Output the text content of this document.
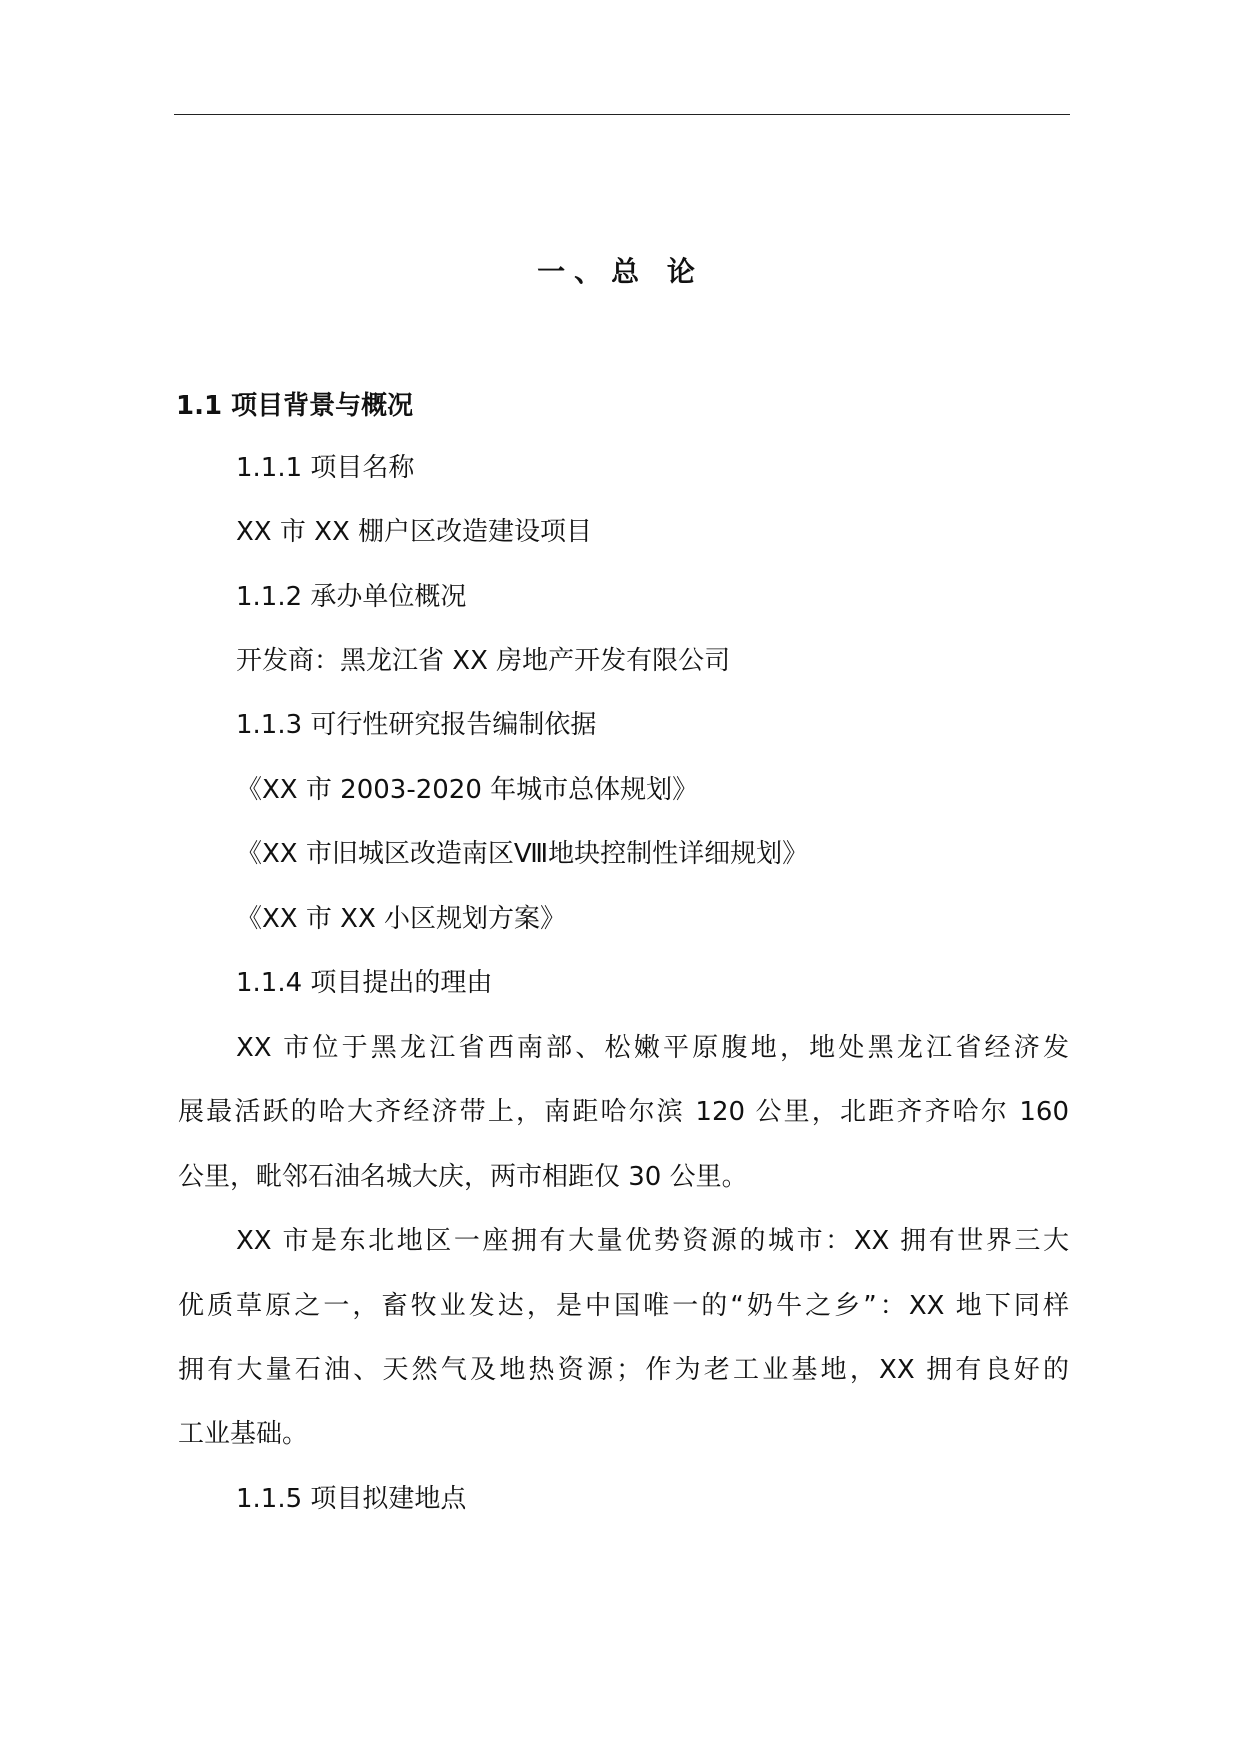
一、总 论
1.1 项目背景与概况
1.1.1 项目名称
XX 市 XX 棚户区改造建设项目
1.1.2 承办单位概况
开发商：黑龙江省 XX 房地产开发有限公司
1.1.3 可行性研究报告编制依据
《XX 市 2003-2020 年城市总体规划》
《XX 市旧城区改造南区Ⅷ地块控制性详细规划》
《XX 市 XX 小区规划方案》
1.1.4 项目提出的理由
XX 市位于黑龙江省西南部、松嫩平原腹地，地处黑龙江省经济发
展最活跃的哈大齐经济带上，南距哈尔滨 120 公里，北距齐齐哈尔 160
公里，毗邻石油名城大庆，两市相距仅 30 公里。
XX 市是东北地区一座拥有大量优势资源的城市：XX 拥有世界三大
优质草原之一，畜牧业发达，是中国唯一的“奶牛之乡”：XX 地下同样
拥有大量石油、天然气及地热资源；作为老工业基地，XX 拥有良好的
工业基础。
1.1.5 项目拟建地点
